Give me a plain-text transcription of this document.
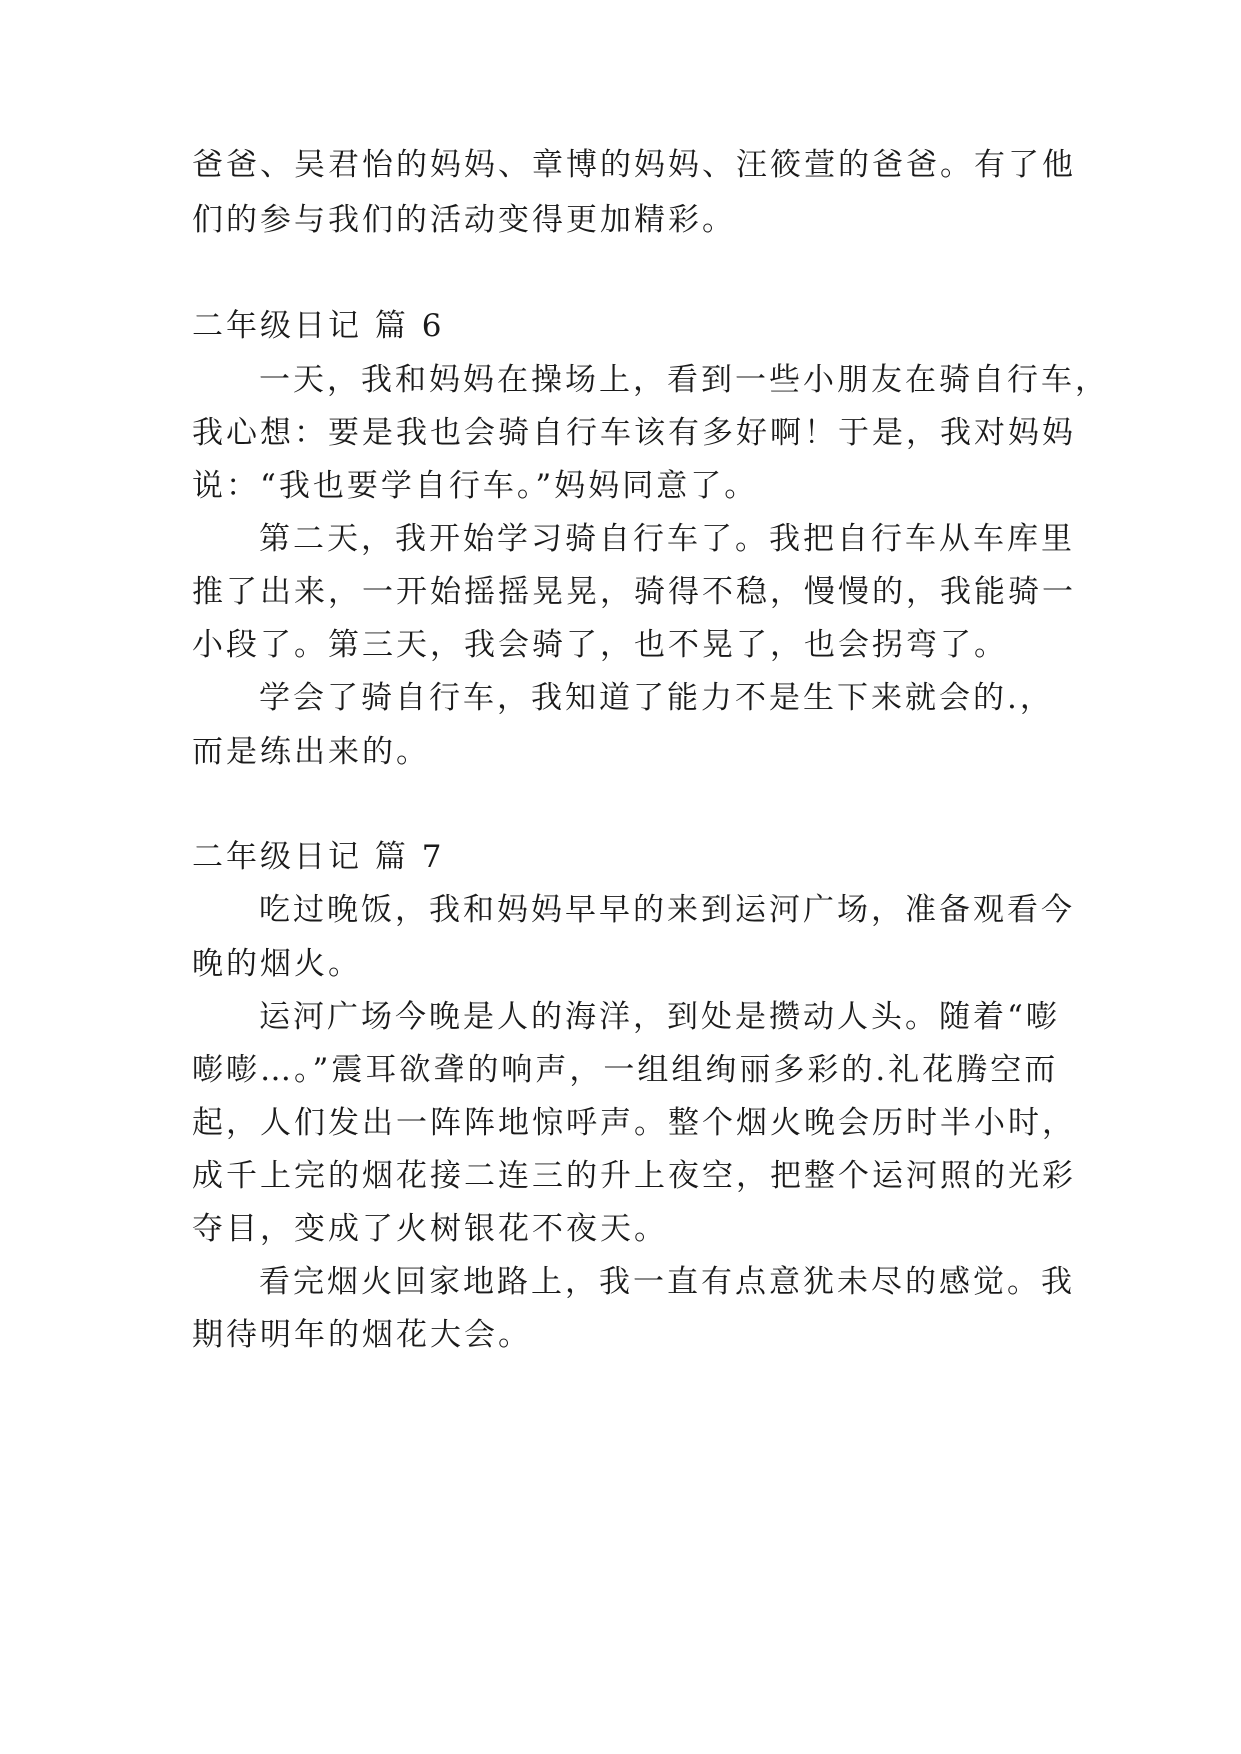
爸爸、吴君怡的妈妈、章博的妈妈、汪筱萱的爸爸。有了他
们的参与我们的活动变得更加精彩。
二年级日记 篇 6
一天，我和妈妈在操场上，看到一些小朋友在骑自行车，
我心想：要是我也会骑自行车该有多好啊！于是，我对妈妈
说：“我也要学自行车。”妈妈同意了。
第二天，我开始学习骑自行车了。我把自行车从车库里
推了出来，一开始摇摇晃晃，骑得不稳，慢慢的，我能骑一
小段了。第三天，我会骑了，也不晃了，也会拐弯了。
学会了骑自行车，我知道了能力不是生下来就会的.，
而是练出来的。
二年级日记 篇 7
吃过晚饭，我和妈妈早早的来到运河广场，准备观看今
晚的烟火。
运河广场今晚是人的海洋，到处是攒动人头。随着“嘭
嘭嘭…。”震耳欲聋的响声，一组组绚丽多彩的.礼花腾空而
起，人们发出一阵阵地惊呼声。整个烟火晚会历时半小时，
成千上完的烟花接二连三的升上夜空，把整个运河照的光彩
夺目，变成了火树银花不夜天。
看完烟火回家地路上，我一直有点意犹未尽的感觉。我
期待明年的烟花大会。
